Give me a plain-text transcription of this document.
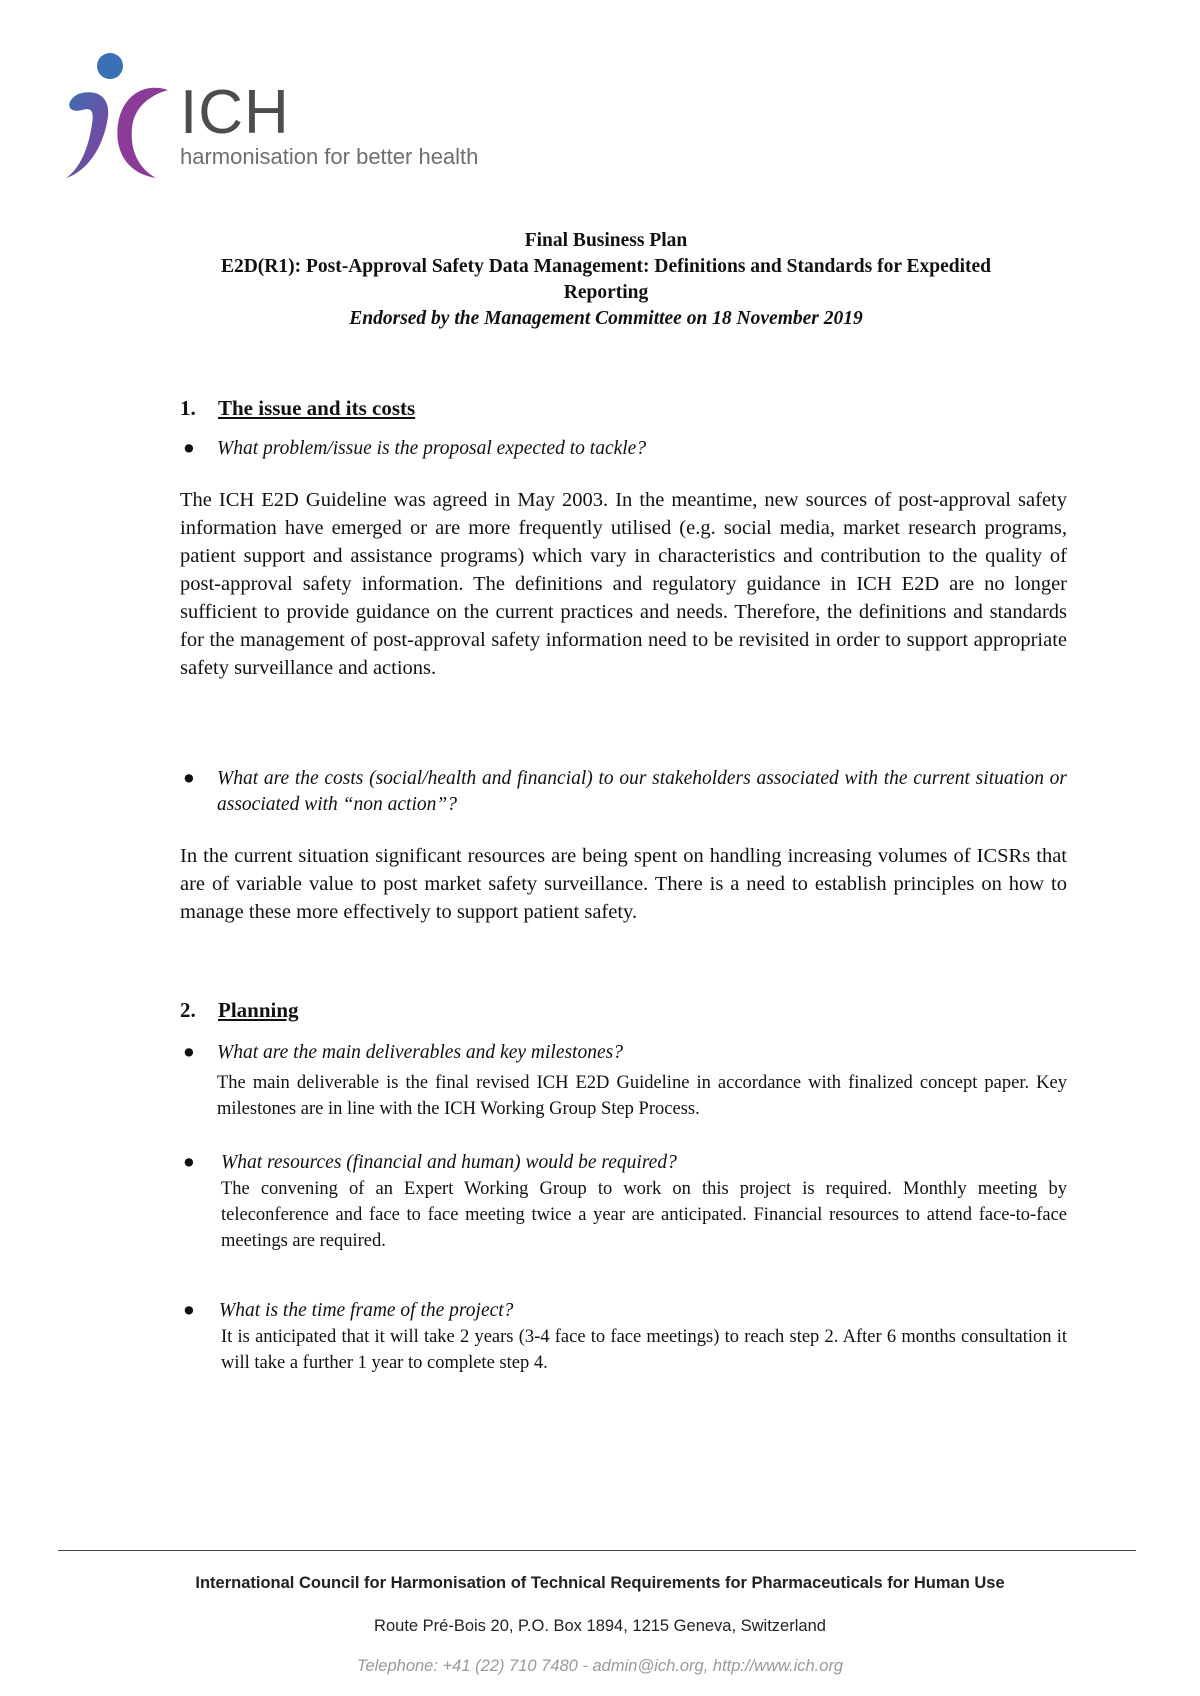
ICH
harmonisation for better health
Final Business Plan
E2D(R1): Post-Approval Safety Data Management: Definitions and Standards for Expedited
Reporting
Endorsed by the Management Committee on 18 November 2019
1. The issue and its costs
● What problem/issue is the proposal expected to tackle?
The ICH E2D Guideline was agreed in May 2003. In the meantime, new sources of post-approval safety information have emerged or are more frequently utilised (e.g. social media, market research programs, patient support and assistance programs) which vary in characteristics and contribution to the quality of post-approval safety information. The definitions and regulatory guidance in ICH E2D are no longer sufficient to provide guidance on the current practices and needs. Therefore, the definitions and standards for the management of post-approval safety information need to be revisited in order to support appropriate safety surveillance and actions.
● What are the costs (social/health and financial) to our stakeholders associated with the current situation or associated with “non action”?
In the current situation significant resources are being spent on handling increasing volumes of ICSRs that are of variable value to post market safety surveillance. There is a need to establish principles on how to manage these more effectively to support patient safety.
2. Planning
● What are the main deliverables and key milestones?
The main deliverable is the final revised ICH E2D Guideline in accordance with finalized concept paper. Key milestones are in line with the ICH Working Group Step Process.
● What resources (financial and human) would be required?
The convening of an Expert Working Group to work on this project is required. Monthly meeting by teleconference and face to face meeting twice a year are anticipated. Financial resources to attend face-to-face meetings are required.
● What is the time frame of the project?
It is anticipated that it will take 2 years (3-4 face to face meetings) to reach step 2. After 6 months consultation it will take a further 1 year to complete step 4.
International Council for Harmonisation of Technical Requirements for Pharmaceuticals for Human Use
Route Pré-Bois 20, P.O. Box 1894, 1215 Geneva, Switzerland
Telephone: +41 (22) 710 7480 - admin@ich.org, http://www.ich.org
